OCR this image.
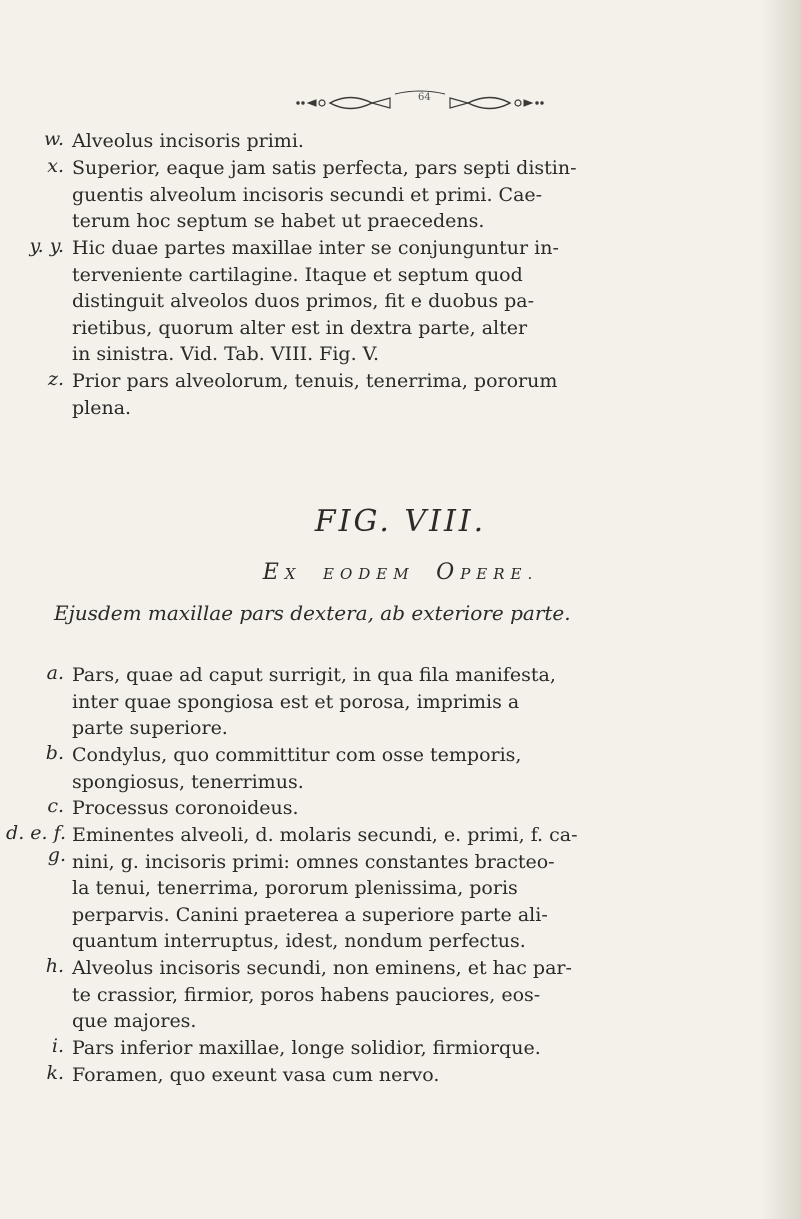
64
w. Alveolus incisoris primi.

x. Superior, eaque jam satis perfecta, pars septi distin-
guentis alveolum incisoris secundi et primi. Cae-
terum hoc septum se habet ut praecedens.

y. y. Hic duae partes maxillae inter se conjunguntur in-
terveniente cartilagine. Itaque et septum quod
distinguit alveolos duos primos, fit e duobus pa-
rietibus, quorum alter est in dextra parte, alter
in sinistra. Vid. Tab. VIII. Fig. V.

z. Prior pars alveolorum, tenuis, tenerrima, pororum
plena.

FIG. VIII.
EX EODEM OPERE.
Ejusdem maxillae pars dextera, ab exteriore parte.
a. Pars, quae ad caput surrigit, in qua fila manifesta,
inter quae spongiosa est et porosa, imprimis a
parte superiore.

b. Condylus, quo committitur com osse temporis,
spongiosus, tenerrimus.

c. Processus coronoideus.

d. e. f. g.

Eminentes alveoli, d. molaris secundi, e. primi, f. ca-
nini, g. incisoris primi: omnes constantes bracteo-
la tenui, tenerrima, pororum plenissima, poris
perparvis. Canini praeterea a superiore parte ali-
quantum interruptus, idest, nondum perfectus.

h. Alveolus incisoris secundi, non eminens, et hac par-
te crassior, firmior, poros habens pauciores, eos-
que majores.

i. Pars inferior maxillae, longe solidior, firmiorque.

k. Foramen, quo exeunt vasa cum nervo.
